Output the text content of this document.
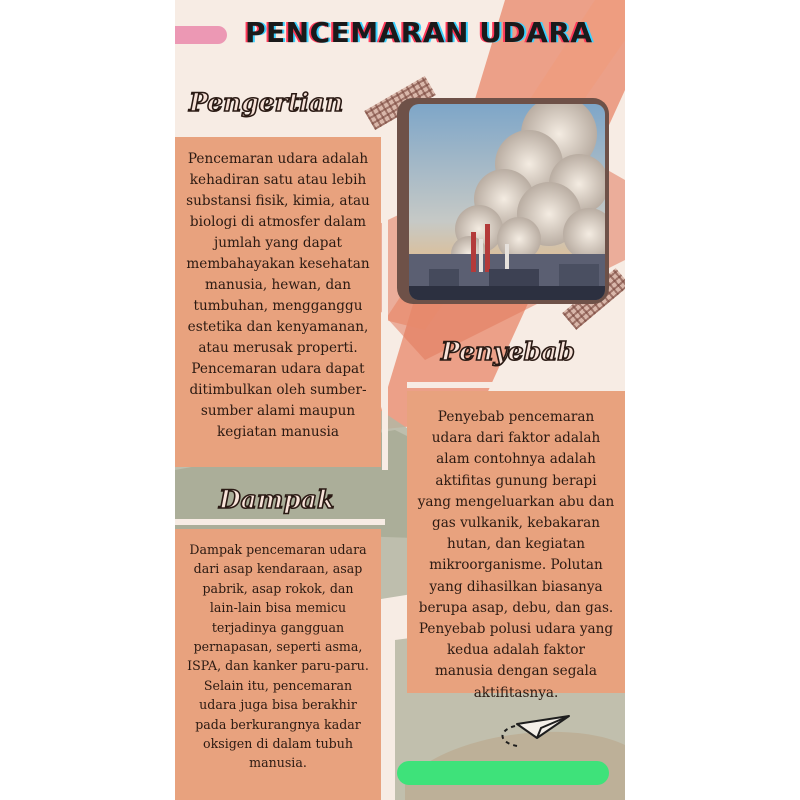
PENCEMARAN UDARA
Pengertian

Pencemaran udara adalah kehadiran satu atau lebih substansi fisik, kimia, atau biologi di atmosfer dalam jumlah yang dapat membahayakan kesehatan manusia, hewan, dan tumbuhan, mengganggu estetika dan kenyamanan, atau merusak properti. Pencemaran udara dapat ditimbulkan oleh sumber-sumber alami maupun kegiatan manusia

Penyebab

Penyebab pencemaran udara dari faktor adalah alam contohnya adalah aktifitas gunung berapi yang mengeluarkan abu dan gas vulkanik, kebakaran hutan, dan kegiatan mikroorganisme. Polutan yang dihasilkan biasanya berupa asap, debu, dan gas. Penyebab polusi udara yang kedua adalah faktor manusia dengan segala aktifitasnya.

Dampak

Dampak pencemaran udara dari asap kendaraan, asap pabrik, asap rokok, dan lain-lain bisa memicu terjadinya gangguan pernapasan, seperti asma, ISPA, dan kanker paru-paru. Selain itu, pencemaran udara juga bisa berakhir pada berkurangnya kadar oksigen di dalam tubuh manusia.
